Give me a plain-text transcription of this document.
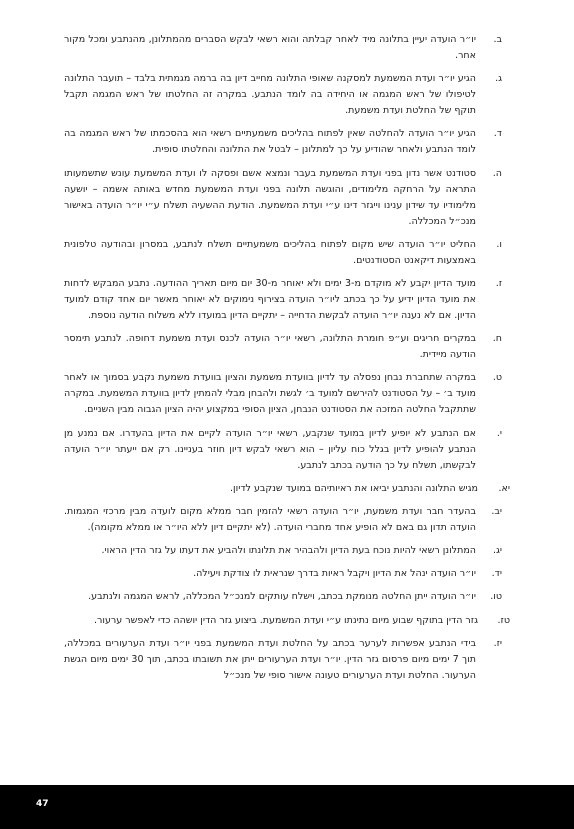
ב.
יו״ר הועדה יעיין בתלונה מיד לאחר קבלתה והוא רשאי לבקש הסברים מהמתלונן, מהנתבע ומכל מקור אחר.
ג.
הגיע יו״ר ועדת המשמעת למסקנה שאופי התלונה מחייב דיון בה ברמה מגמתית בלבד – תועבר התלונה לטיפולו של ראש המגמה או היחידה בה לומד הנתבע. במקרה זה החלטתו של ראש המגמה תקבל תוקף של החלטת ועדת משמעת.
ד.
הגיע יו״ר הועדה להחלטה שאין לפתוח בהליכים משמעתיים רשאי הוא בהסכמתו של ראש המגמה בה לומד הנתבע ולאחר שהודיע על כך למתלונן – לבטל את התלונה והחלטתו סופית.
ה.
סטודנט אשר נדון בפני ועדת המשמעת בעבר ונמצא אשם ופסקה לו ועדת המשמעת עונש שתשמעותו התראה על הרחקה מלימודים, והוגשה תלונה בפני ועדת המשמעת מחדש באותה אשמה – יושעה מלימודיו עד שידון ענינו וייגזר דינו ע״י ועדת המשמעת. הודעת ההשעיה תשלח ע״י יו״ר הועדה באישור מנכ״ל המכללה.
ו.
החליט יו״ר הועדה שיש מקום לפתוח בהליכים משמעתיים תשלח לנתבע, במסרון ובהודעה טלפונית באמצעות דיקאנט הסטודנטים.
ז.
מועד הדיון יקבע לא מוקדם מ-3 ימים ולא יאוחר מ-30 יום מיום תאריך ההודעה. נתבע המבקש לדחות את מועד הדיון ידיע על כך בכתב ליו״ר הועדה בצירוף נימוקים לא יאוחר מאשר יום אחד קודם למועד הדיון. אם לא נענה יו״ר הועדה לבקשת הדחייה – יתקיים הדיון במועדו ללא משלוח הודעה נוספת.
ח.
במקרים חריגים וע״פ חומרת התלונה, רשאי יו״ר הועדה לכנס ועדת משמעת דחופה. לנתבע תימסר הודעה מיידית.
ט.
במקרה שתחברת נבחן נפסלה עד לדיון בוועדת משמעת והציון בוועדת משמעת נקבע בסמוך או לאחר מועד ב׳ – על הסטודנט להירשם למועד ב׳ לגשת ולהבחן מבלי להמתין לדיון בוועדת המשמעת. במקרה שתתקבל החלטה המזכה את הסטודנט הנבחן, הציון הסופי במקצוע יהיה הציון הגבוה מבין השניים.
י.
אם הנתבע לא יופיע לדיון במועד שנקבע, רשאי יו״ר הועדה לקיים את הדיון בהעדרו. אם נמנע מן הנתבע להופיע לדיון בגלל כוח עליון – הוא רשאי לבקש דיון חוזר בעניינו. רק אם ייעתר יו״ר הועדה לבקשתו, תשלח על כך הודעה בכתב לנתבע.
יא.
מגיש התלונה והנתבע יביאו את ראיותיהם במועד שנקבע לדיון.
יב.
בהעדר חבר ועדת משמעת, יו״ר הועדה רשאי להזמין חבר ממלא מקום לועדה מבין מרכזי המגמות. הועדה תדון גם באם לא הופיע אחד מחברי הועדה. (לא יתקיים דיון ללא היו״ר או ממלא מקומה).
יג.
המתלונן רשאי להיות נוכח בעת הדיון ולהבהיר את תלונתו ולהביע את דעתו על גזר הדין הראוי.
יד.
יו״ר הועדה ינהל את הדיון ויקבל ראיות בדרך שנראית לו צודקת ויעילה.
טו.
יו״ר הועדה ייתן החלטה מנומקת בכתב, וישלח עותקים למנכ״ל המכללה, לראש המגמה ולנתבע.
טז.
גזר הדין בתוקף שבוע מיום נתינתו ע״י ועדת המשמעת. ביצוע גזר הדין יושהה כדי לאפשר ערעור.
יז.
בידי הנתבע אפשרות לערער בכתב על החלטת ועדת המשמעת בפני יו״ר ועדת הערעורים במכללה, תוך 7 ימים מיום פרסום גזר הדין. יו״ר ועדת הערעורים ייתן את תשובתו בכתב, תוך 30 ימים מיום הגשת הערעור. החלטת ועדת הערעורים טעונה אישור סופי של מנכ״ל
47
